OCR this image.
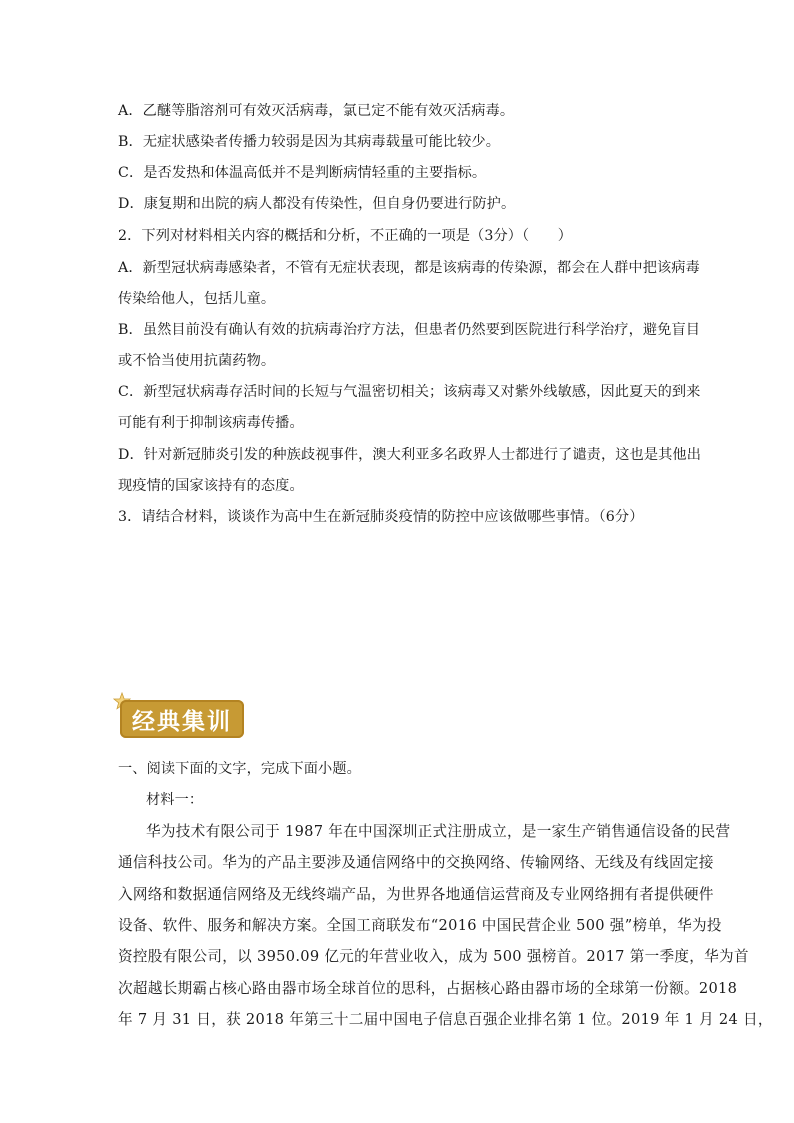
A．乙醚等脂溶剂可有效灭活病毒，氯已定不能有效灭活病毒。
B．无症状感染者传播力较弱是因为其病毒载量可能比较少。
C．是否发热和体温高低并不是判断病情轻重的主要指标。
D．康复期和出院的病人都没有传染性，但自身仍要进行防护。
2．下列对材料相关内容的概括和分析，不正确的一项是（3分）（　　）
A．新型冠状病毒感染者，不管有无症状表现，都是该病毒的传染源，都会在人群中把该病毒
传染给他人，包括儿童。
B．虽然目前没有确认有效的抗病毒治疗方法，但患者仍然要到医院进行科学治疗，避免盲目
或不恰当使用抗菌药物。
C．新型冠状病毒存活时间的长短与气温密切相关；该病毒又对紫外线敏感，因此夏天的到来
可能有利于抑制该病毒传播。
D．针对新冠肺炎引发的种族歧视事件，澳大利亚多名政界人士都进行了谴责，这也是其他出
现疫情的国家该持有的态度。
3．请结合材料，谈谈作为高中生在新冠肺炎疫情的防控中应该做哪些事情。（6分）
经典集训
一、阅读下面的文字，完成下面小题。
材料一：
华为技术有限公司于 1987 年在中国深圳正式注册成立，是一家生产销售通信设备的民营
通信科技公司。华为的产品主要涉及通信网络中的交换网络、传输网络、无线及有线固定接
入网络和数据通信网络及无线终端产品，为世界各地通信运营商及专业网络拥有者提供硬件
设备、软件、服务和解决方案。全国工商联发布“2016 中国民营企业 500 强”榜单，华为投
资控股有限公司，以 3950.09 亿元的年营业收入，成为 500 强榜首。2017 第一季度，华为首
次超越长期霸占核心路由器市场全球首位的思科，占据核心路由器市场的全球第一份额。2018
年 7 月 31 日，获 2018 年第三十二届中国电子信息百强企业排名第 1 位。2019 年 1 月 24 日，
